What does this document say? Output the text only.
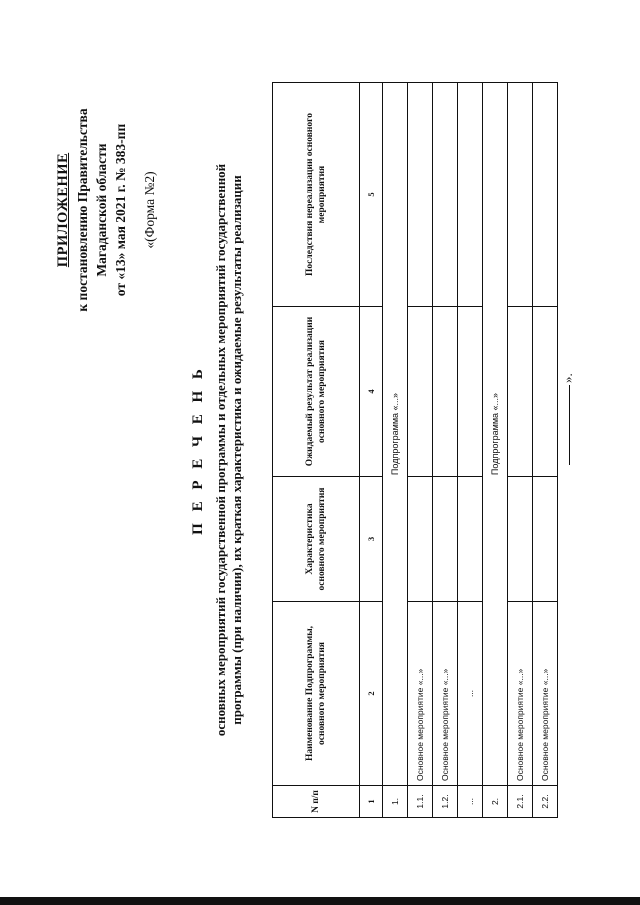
ПРИЛОЖЕНИЕ к постановлению Правительства Магаданской области от «13» мая 2021 г. № 383-пп «(Форма №2)
П Е Р Е Ч Е Н Ь основных мероприятий государственной программы и отдельных мероприятий государственной программы (при наличии), их краткая характеристика и ожидаемые результаты реализации
N п/п	Наименование Подпрограммы, основного мероприятия	Характеристика основного мероприятия	Ожидаемый результат реализации основного мероприятия	Последствия нереализации основного мероприятия
1	2	3	4	5
1.	Подпрограмма «...»			
1.1.	Основное мероприятие «...»			
1.2.	Основное мероприятие «...»			
...	...			
2.	Подпрограмма «...»			
2.1.	Основное мероприятие «...»			
2.2.	Основное мероприятие «...»			
».
